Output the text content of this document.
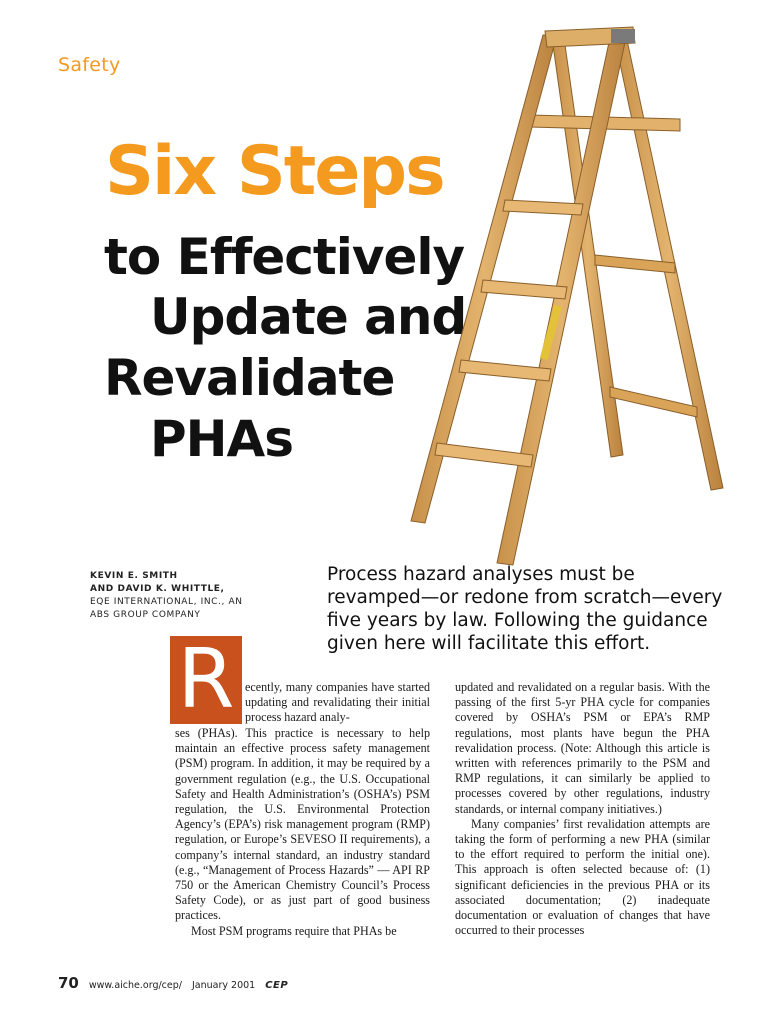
Safety
Six Steps
to Effectively
Update and
Revalidate
PHAs
KEVIN E. SMITH
AND DAVID K. WHITTLE,
EQE INTERNATIONAL, INC., AN
ABS GROUP COMPANY
Process hazard analyses must be revamped—or redone from scratch—every five years by law. Following the guidance given here will facilitate this effort.
R ecently, many companies have started updating and revalidating their initial process hazard analy-

ses (PHAs). This practice is necessary to help maintain an effective process safety management (PSM) program. In addition, it may be required by a government regulation (e.g., the U.S. Occupational Safety and Health Administration’s (OSHA’s) PSM regulation, the U.S. Environmental Protection Agency’s (EPA’s) risk management program (RMP) regulation, or Europe’s SEVESO II requirements), a company’s internal standard, an industry standard (e.g., “Management of Process Hazards” — API RP 750 or the American Chemistry Council’s Process Safety Code), or as just part of good business practices.

Most PSM programs require that PHAs be

updated and revalidated on a regular basis. With the passing of the first 5-yr PHA cycle for companies covered by OSHA’s PSM or EPA’s RMP regulations, most plants have begun the PHA revalidation process. (Note: Although this article is written with references primarily to the PSM and RMP regulations, it can similarly be applied to processes covered by other regulations, industry standards, or internal company initiatives.)

Many companies’ first revalidation attempts are taking the form of performing a new PHA (similar to the effort required to perform the initial one). This approach is often selected because of: (1) significant deficiencies in the previous PHA or its associated documentation; (2) inadequate documentation or evaluation of changes that have occurred to their processes

70 www.aiche.org/cep/ January 2001 CEP
